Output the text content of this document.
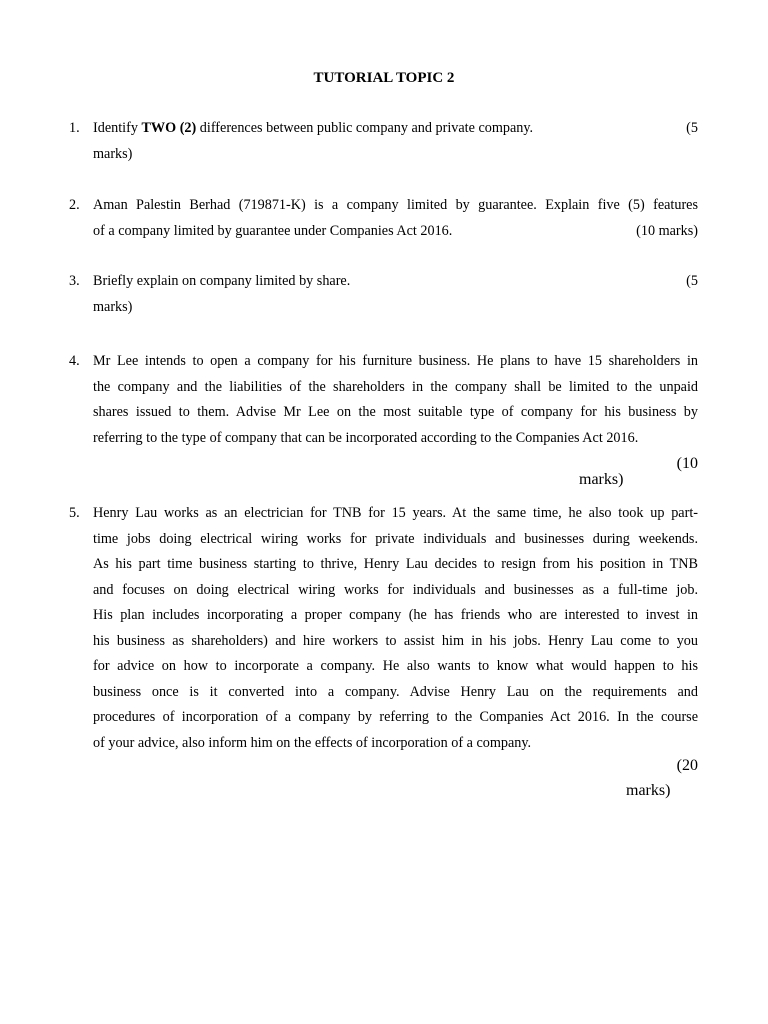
TUTORIAL TOPIC 2
1. Identify TWO (2) differences between public company and private company.	(5
marks)
2. Aman Palestin Berhad (719871-K) is a company limited by guarantee. Explain five (5) features
of a company limited by guarantee under Companies Act 2016.	(10 marks)
3. Briefly explain on company limited by share.	(5
marks)
4. Mr Lee intends to open a company for his furniture business. He plans to have 15 shareholders in
the company and the liabilities of the shareholders in the company shall be limited to the unpaid
shares issued to them. Advise Mr Lee on the most suitable type of company for his business by
referring to the type of company that can be incorporated according to the Companies Act 2016.
(10
marks)
5. Henry Lau works as an electrician for TNB for 15 years. At the same time, he also took up part-
time jobs doing electrical wiring works for private individuals and businesses during weekends.
As his part time business starting to thrive, Henry Lau decides to resign from his position in TNB
and focuses on doing electrical wiring works for individuals and businesses as a full-time job.
His plan includes incorporating a proper company (he has friends who are interested to invest in
his business as shareholders) and hire workers to assist him in his jobs. Henry Lau come to you
for advice on how to incorporate a company. He also wants to know what would happen to his
business once is it converted into a company. Advise Henry Lau on the requirements and
procedures of incorporation of a company by referring to the Companies Act 2016. In the course
of your advice, also inform him on the effects of incorporation of a company.
(20
marks)
